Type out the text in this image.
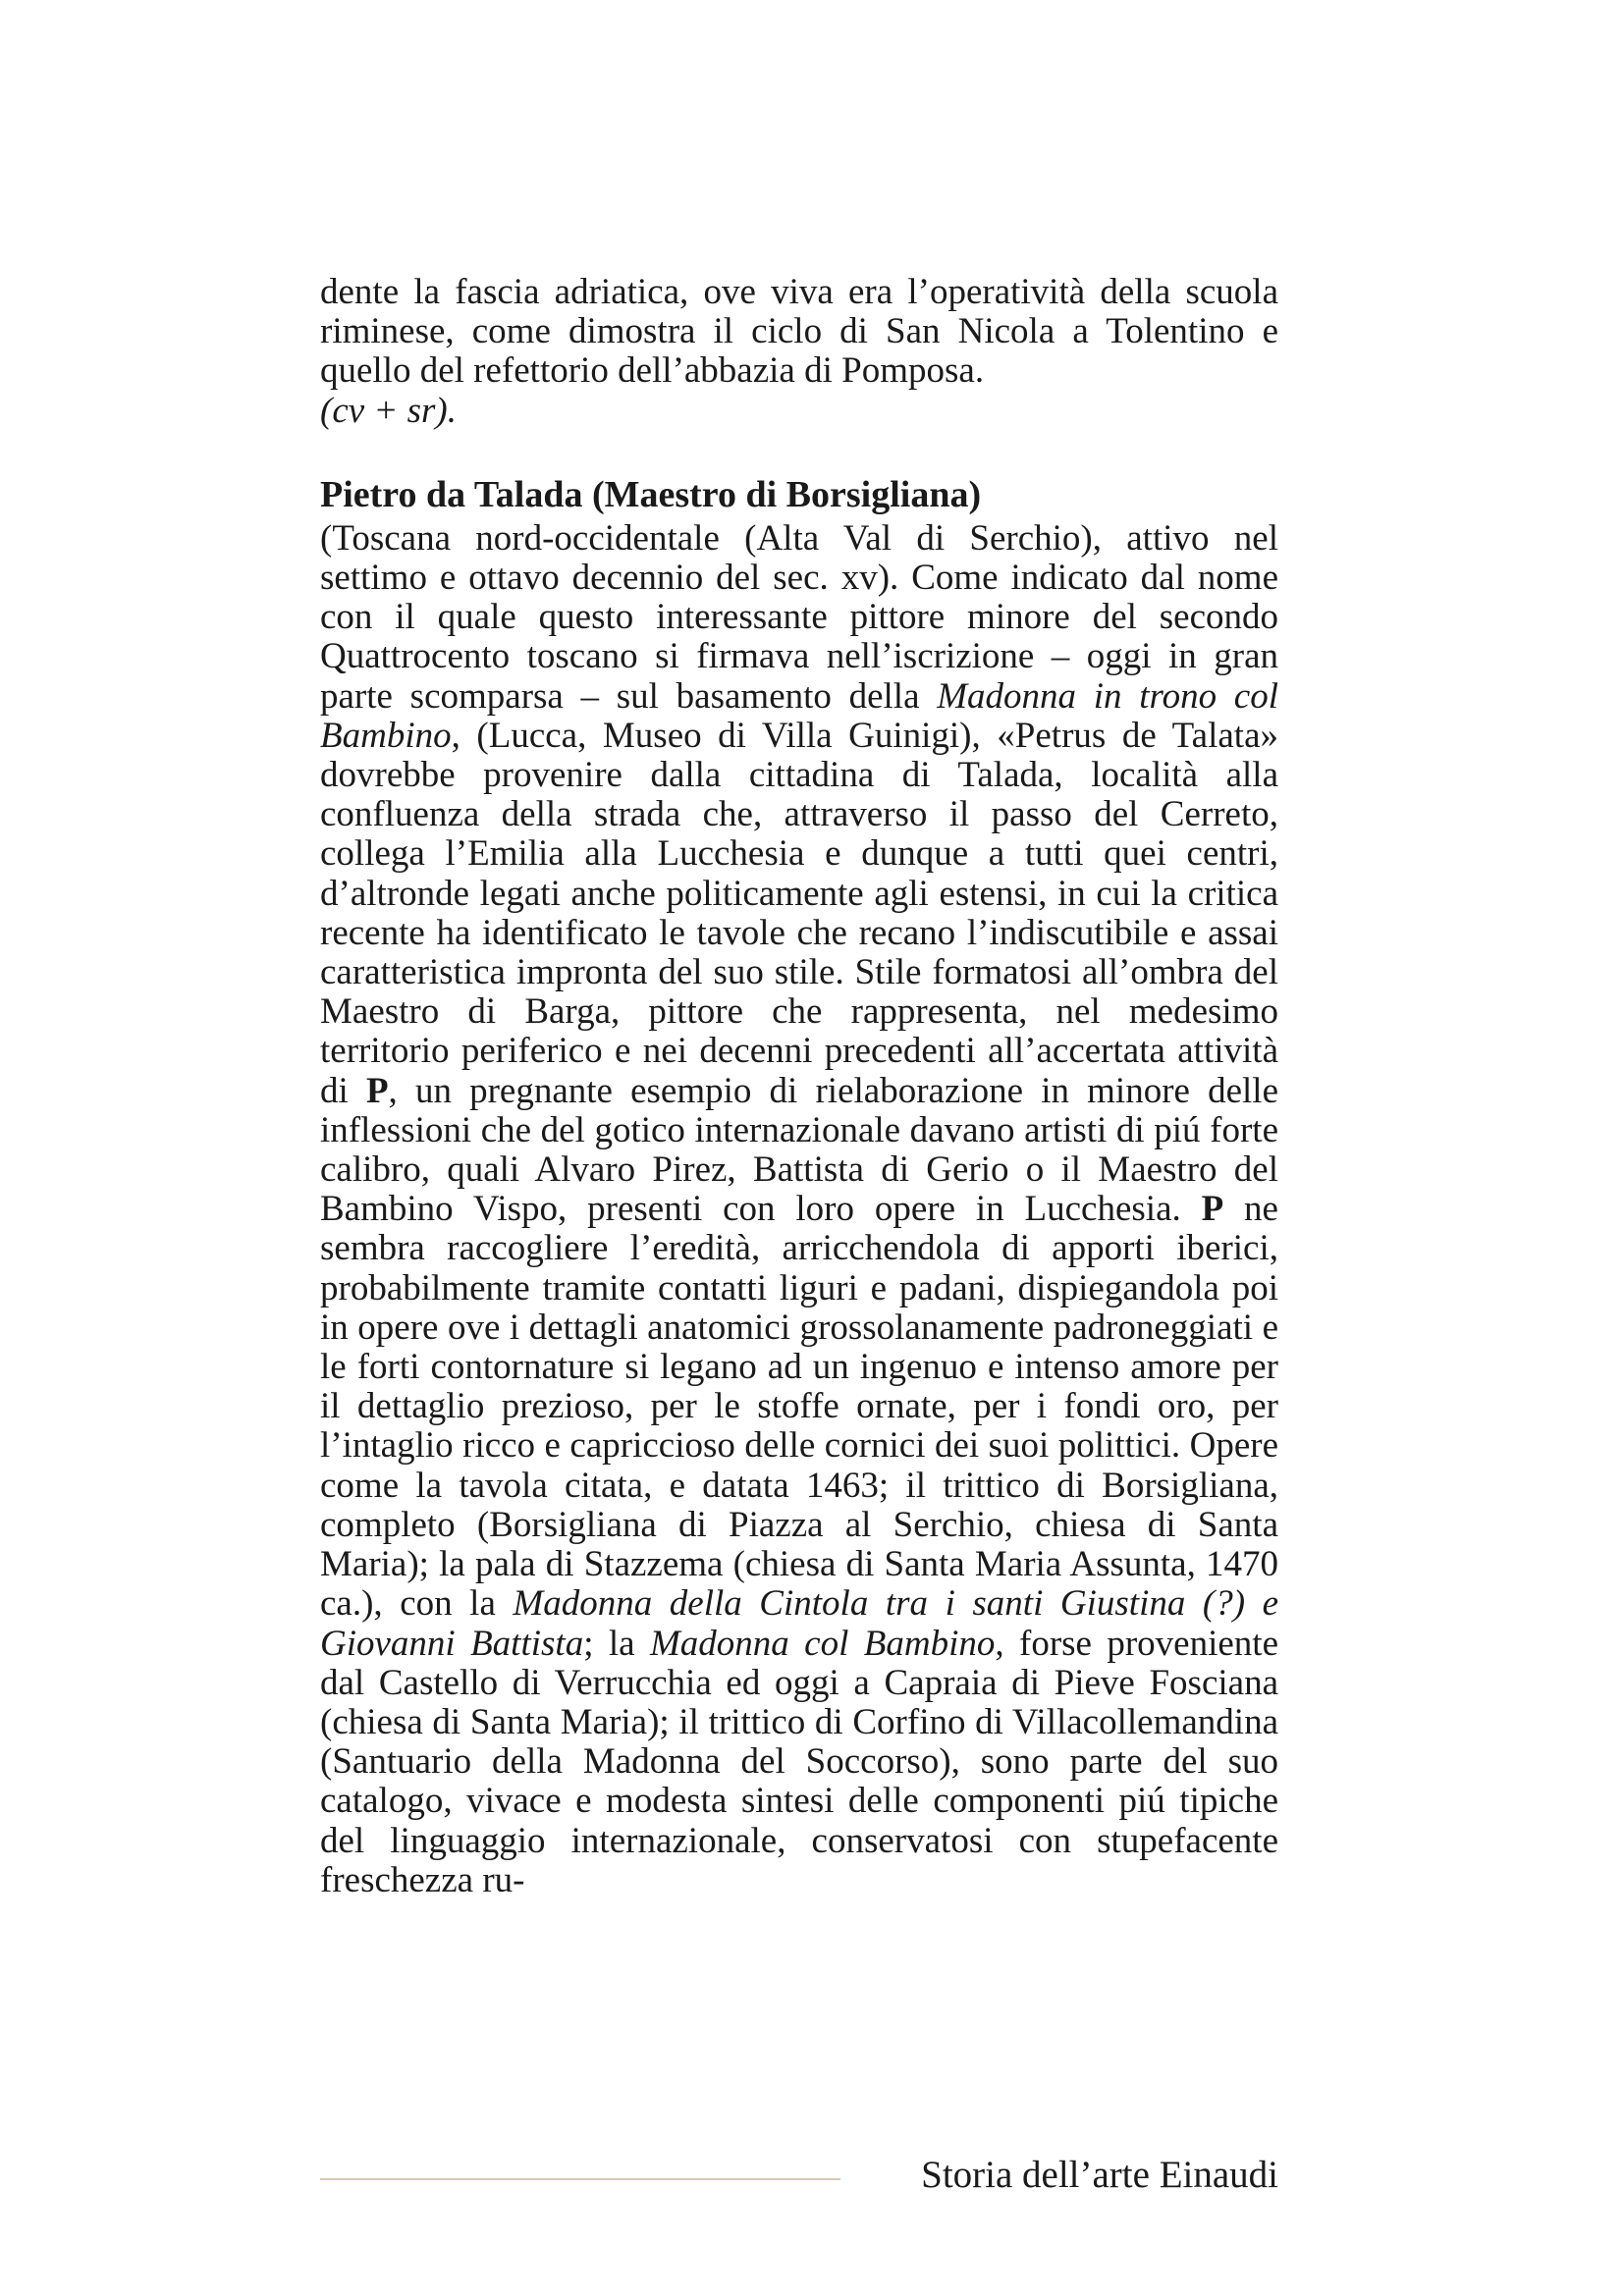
dente la fascia adriatica, ove viva era l’operatività della scuola riminese, come dimostra il ciclo di San Nicola a Tolentino e quello del refettorio dell’abbazia di Pomposa.
(cv + sr).

Pietro da Talada (Maestro di Borsigliana)

(Toscana nord-occidentale (Alta Val di Serchio), attivo nel settimo e ottavo decennio del sec. xv). Come indicato dal nome con il quale questo interessante pittore minore del secondo Quattrocento toscano si firmava nell’iscrizione – oggi in gran parte scomparsa – sul basamento della Madonna in trono col Bambino, (Lucca, Museo di Villa Guinigi), «Petrus de Talata» dovrebbe provenire dalla cittadina di Talada, località alla confluenza della strada che, attraverso il passo del Cerreto, collega l’Emilia alla Lucchesia e dunque a tutti quei centri, d’altronde legati anche politicamente agli estensi, in cui la critica recente ha identificato le tavole che recano l’indiscutibile e assai caratteristica impronta del suo stile. Stile formatosi all’ombra del Maestro di Barga, pittore che rappresenta, nel medesimo territorio periferico e nei decenni precedenti all’accertata attività di P, un pregnante esempio di rielaborazione in minore delle inflessioni che del gotico internazionale davano artisti di piú forte calibro, quali Alvaro Pirez, Battista di Gerio o il Maestro del Bambino Vispo, presenti con loro opere in Lucchesia. P ne sembra raccogliere l’eredità, arricchendola di apporti iberici, probabilmente tramite contatti liguri e padani, dispiegandola poi in opere ove i dettagli anatomici grossolanamente padroneggiati e le forti contornature si legano ad un ingenuo e intenso amore per il dettaglio prezioso, per le stoffe ornate, per i fondi oro, per l’intaglio ricco e capriccioso delle cornici dei suoi polittici. Opere come la tavola citata, e datata 1463; il trittico di Borsigliana, completo (Borsigliana di Piazza al Serchio, chiesa di Santa Maria); la pala di Stazzema (chiesa di Santa Maria Assunta, 1470 ca.), con la Madonna della Cintola tra i santi Giustina (?) e Giovanni Battista; la Madonna col Bambino, forse proveniente dal Castello di Verrucchia ed oggi a Capraia di Pieve Fosciana (chiesa di Santa Maria); il trittico di Corfino di Villacollemandina (Santuario della Madonna del Soccorso), sono parte del suo catalogo, vivace e modesta sintesi delle componenti piú tipiche del linguaggio internazionale, conservatosi con stupefacente freschezza ru-

Storia dell’arte Einaudi
